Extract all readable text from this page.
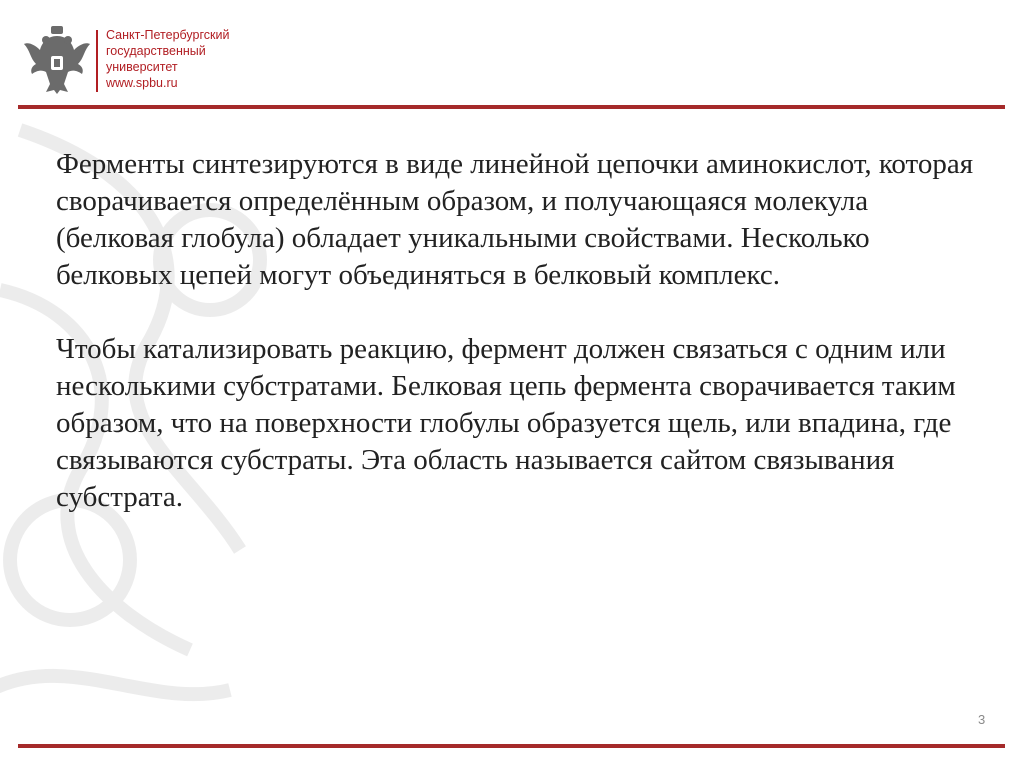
Санкт-Петербургский
государственный
университет
www.spbu.ru

Ферменты синтезируются в виде линейной цепочки аминокислот, которая сворачивается определённым образом, и получающаяся молекула (белковая глобула) обладает уникальными свойствами. Несколько белковых цепей могут объединяться в белковый комплекс.

Чтобы катализировать реакцию, фермент должен связаться с одним или несколькими субстратами. Белковая цепь фермента сворачивается таким образом, что на поверхности глобулы образуется щель, или впадина, где связываются субстраты. Эта область называется сайтом связывания субстрата.

3
